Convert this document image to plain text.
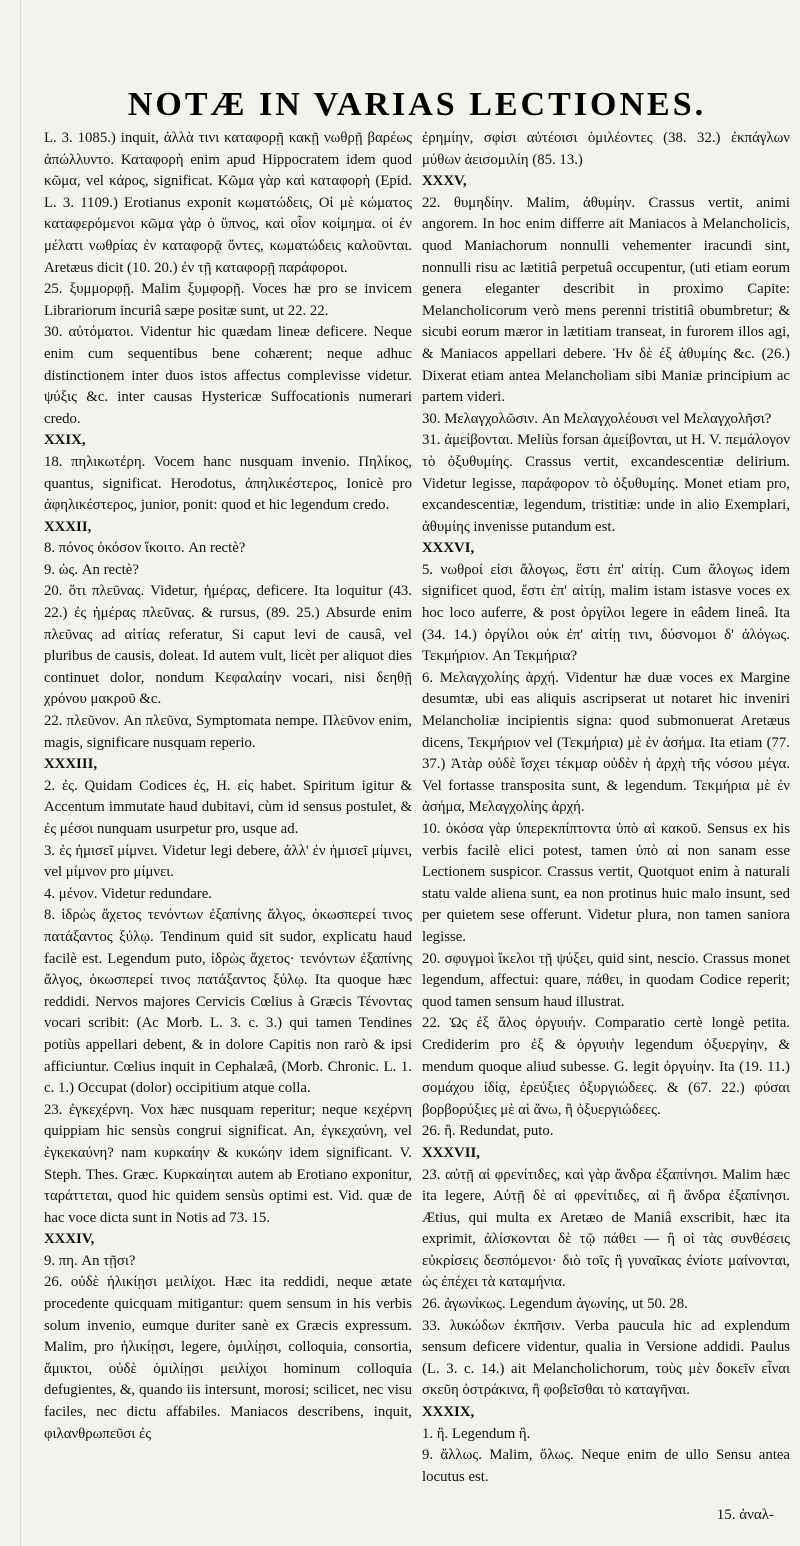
NOTÆ IN VARIAS LECTIONES.

L. 3. 1085.) inquit, ἀλλὰ τινι καταφορῇ κακῇ νωθρῇ βαρέως ἀπώλλυντο. Καταφορὴ enim apud Hippocratem idem quod κῶμα, vel κάρος, significat. Κῶμα γὰρ καὶ καταφορὴ (Epid. L. 3. 1109.) Erotianus exponit κωματώδεις, Οἱ μὲ κώματος καταφερόμενοι κῶμα γὰρ ὁ ὕπνος, καὶ οἷον κοίμημα. οἱ ἐν μέλατι νωθρίας ἐν καταφορᾷ ὄντες, κωματώδεις καλοῦνται. Aretæus dicit (10. 20.) ἐν τῇ καταφορῇ παράφοροι.

25. ξυμμορφῇ. Malim ξυμφορῇ. Voces hæ pro se invicem Librariorum incuriâ sæpe positæ sunt, ut 22. 22.

30. αὐτόματοι. Videntur hic quædam lineæ deficere. Neque enim cum sequentibus bene cohærent; neque adhuc distinctionem inter duos istos affectus complevisse videtur. ψύξις &c. inter causas Hystericæ Suffocationis numerari credo.

XXIX,

18. πηλικωτέρη. Vocem hanc nusquam invenio. Πηλίκος, quantus, significat. Herodotus, ἀπηλικέστερος, Ionicè pro ἀφηλικέστερος, junior, ponit: quod et hic legendum credo.

XXXII,

8. πόνος ὁκόσον ἵκοιτο. An rectè?

9. ὡς. An rectè?

20. ὅτι πλεῦνας. Videtur, ἡμέρας, deficere. Ita loquitur (43. 22.) ἐς ἡμέρας πλεῦνας. & rursus, (89. 25.) Absurde enim πλεῦνας ad αἰτίας referatur, Si caput levi de causâ, vel pluribus de causis, doleat. Id autem vult, licèt per aliquot dies continuet dolor, nondum Κεφαλαίην vocari, nisi δεηθῇ χρόνου μακροῦ &c.

22. πλεῦνον. An πλεῦνα, Symptomata nempe. Πλεῦνον enim, magis, significare nusquam reperio.

XXXIII,

2. ἐς. Quidam Codices ἐς, H. εἰς habet. Spiritum igitur & Accentum immutate haud dubitavi, cùm id sensus postulet, & ἐς μέσοι nunquam usurpetur pro, usque ad.

3. ἐς ἡμισεῖ μίμνει. Videtur legi debere, ἀλλ' ἐν ἡμισεῖ μίμνει, vel μίμνον pro μίμνει.

4. μένον. Videtur redundare.

8. ἱδρὼς ἄχετος τενόντων ἐξαπίνης ἄλγος, ὁκωσπερεί τινος πατάξαντος ξύλῳ. Tendinum quid sit sudor, explicatu haud facilè est. Legendum puto, ἱδρὼς ἄχετος· τενόντων ἐξαπίνης ἄλγος, ὁκωσπερεί τινος πατάξαντος ξύλῳ. Ita quoque hæc reddidi. Nervos majores Cervicis Cœlius à Græcis Τένοντας vocari scribit: (Ac Morb. L. 3. c. 3.) qui tamen Tendines potiùs appellari debent, & in dolore Capitis non rarò & ipsi afficiuntur. Cœlius inquit in Cephalæâ, (Morb. Chronic. L. 1. c. 1.) Occupat (dolor) occipitium atque colla.

23. ἐγκεχέρνη. Vox hæc nusquam reperitur; neque κεχέρνη quippiam hic sensùs congrui significat. An, ἐγκεχαύνη, vel ἐγκεκαύνη? nam κυρκαίην & κυκώην idem significant. V. Steph. Thes. Græc. Κυρκαίηται autem ab Erotiano exponitur, ταράττεται, quod hic quidem sensùs optimi est. Vid. quæ de hac voce dicta sunt in Notis ad 73. 15.

XXXIV,

9. πη. An τῇσι?

26. οὐδὲ ἡλικίῃσι μειλίχοι. Hæc ita reddidi, neque ætate procedente quicquam mitigantur: quem sensum in his verbis solum invenio, eumque duriter sanè ex Græcis expressum. Malim, pro ἡλικίῃσι, legere, ὁμιλίῃσι, colloquia, consortia, ἄμικτοι, οὐδὲ ὁμιλίῃσι μειλίχοι hominum colloquia defugientes, &, quando iis intersunt, morosi; scilicet, nec visu faciles, nec dictu affabiles. Maniacos describens, inquit, φιλανθρωπεῦσι ἐς

ἐρημίην, σφίσι αὐτέοισι ὁμιλέοντες (38. 32.) ἐκπάγλων μύθων ἀεισομιλίη (85. 13.)

XXXV,

22. θυμηδίην. Malim, ἀθυμίην. Crassus vertit, animi angorem. In hoc enim differre ait Maniacos à Melancholicis, quod Maniachorum nonnulli vehementer iracundi sint, nonnulli risu ac lætitiâ perpetuâ occupentur, (uti etiam eorum genera eleganter describit in proximo Capite: Melancholicorum verò mens perenni tristitiâ obumbretur; & sicubi eorum mæror in lætitiam transeat, in furorem illos agi, & Maniacos appellari debere. Ἡν δὲ ἐξ ἀθυμίης &c. (26.) Dixerat etiam antea Melancholiam sibi Maniæ principium ac partem videri.

30. Μελαγχολῶσιν. An Μελαγχολέουσι vel Μελαγχολῆσι?

31. ἀμείβονται. Meliùs forsan ἀμείβονται, ut H. V. πεμάλογον τὸ ὀξυθυμίης. Crassus vertit, excandescentiæ delirium. Videtur legisse, παράφορον τὸ ὀξυθυμίης. Monet etiam pro, excandescentiæ, legendum, tristitiæ: unde in alio Exemplari, ἀθυμίης invenisse putandum est.

XXXVI,

5. νωθροί εἰσι ἄλογως, ἔστι ἐπ' αἰτίῃ. Cum ἄλογως idem significet quod, ἔστι ἐπ' αἰτίῃ, malim istam istasve voces ex hoc loco auferre, & post ὀργίλοι legere in eâdem lineâ. Ita (34. 14.) ὀργίλοι οὐκ ἐπ' αἰτίῃ τινι, δύσνομοι δ' ἀλόγως. Τεκμήριον. An Τεκμήρια?

6. Μελαγχολίης ἀρχή. Videntur hæ duæ voces ex Margine desumtæ, ubi eas aliquis ascripserat ut notaret hic inveniri Melancholiæ incipientis signa: quod submonuerat Aretæus dicens, Τεκμήριον vel (Τεκμήρια) μὲ ἐν ἀσήμα. Ita etiam (77. 37.) Ἀτὰρ οὐδὲ ἴσχει τέκμαρ οὐδὲν ἡ ἀρχὴ τῆς νόσου μέγα. Vel fortasse transposita sunt, & legendum. Τεκμήρια μὲ ἐν ἀσήμα, Μελαγχολίης ἀρχή.

10. ὁκόσα γὰρ ὑπερεκπίπτοντα ὑπὸ αἱ κακοῦ. Sensus ex his verbis facilè elici potest, tamen ὑπὸ αἱ non sanam esse Lectionem suspicor. Crassus vertit, Quotquot enim à naturali statu valde aliena sunt, ea non protinus huic malo insunt, sed per quietem sese offerunt. Videtur plura, non tamen saniora legisse.

20. σφυγμοὶ ἴκελοι τῇ ψύξει, quid sint, nescio. Crassus monet legendum, affectui: quare, πάθει, in quodam Codice reperit; quod tamen sensum haud illustrat.

22. Ὡς ἐξ ἄλος ὀργυιήν. Comparatio certè longè petita. Crediderim pro ἐξ & ὀργυιὴν legendum ὀξυεργίην, & mendum quoque aliud subesse. G. legit ὀργυίην. Ita (19. 11.) σομάχου ἰδίᾳ, ἐρεύξιες ὀξυργιώδεες. & (67. 22.) φύσαι βορβορύξιες μὲ αἱ ἄνω, ἢ ὀξυεργιώδεες.

26. ἢ. Redundat, puto.

XXXVII,

23. αὐτῇ αἱ φρενίτιδες, καὶ γὰρ ἄνδρα ἐξαπίνησι. Malim hæc ita legere, Αὐτῇ δὲ αἱ φρενίτιδες, αἱ ἢ ἄνδρα ἐξαπίνησι. Ætius, qui multa ex Aretæo de Maniâ exscribit, hæc ita exprimit, ἀλίσκονται δὲ τῷ πάθει — ἢ οἱ τὰς συνθέσεις εὐκρίσεις δεσπόμενοι· διὸ τοῖς ἢ γυναῖκας ἐνίοτε μαίνονται, ὡς ἐπέχει τὰ καταμήνια.

26. ἀγωνίκως. Legendum ἀγωνίης, ut 50. 28.

33. λυκώδων ἐκπῆσιν. Verba paucula hic ad explendum sensum deficere videntur, qualia in Versione addidi. Paulus (L. 3. c. 14.) ait Melancholichorum, τοὺς μὲν δοκεῖν εἶναι σκεῦη ὀστράκινα, ἢ φοβεῖσθαι τὸ καταγῆναι.

XXXIX,

1. ἢ. Legendum ἢ.

9. ἄλλως. Malim, ὅλως. Neque enim de ullo Sensu antea locutus est.

15. ἀναλ-
